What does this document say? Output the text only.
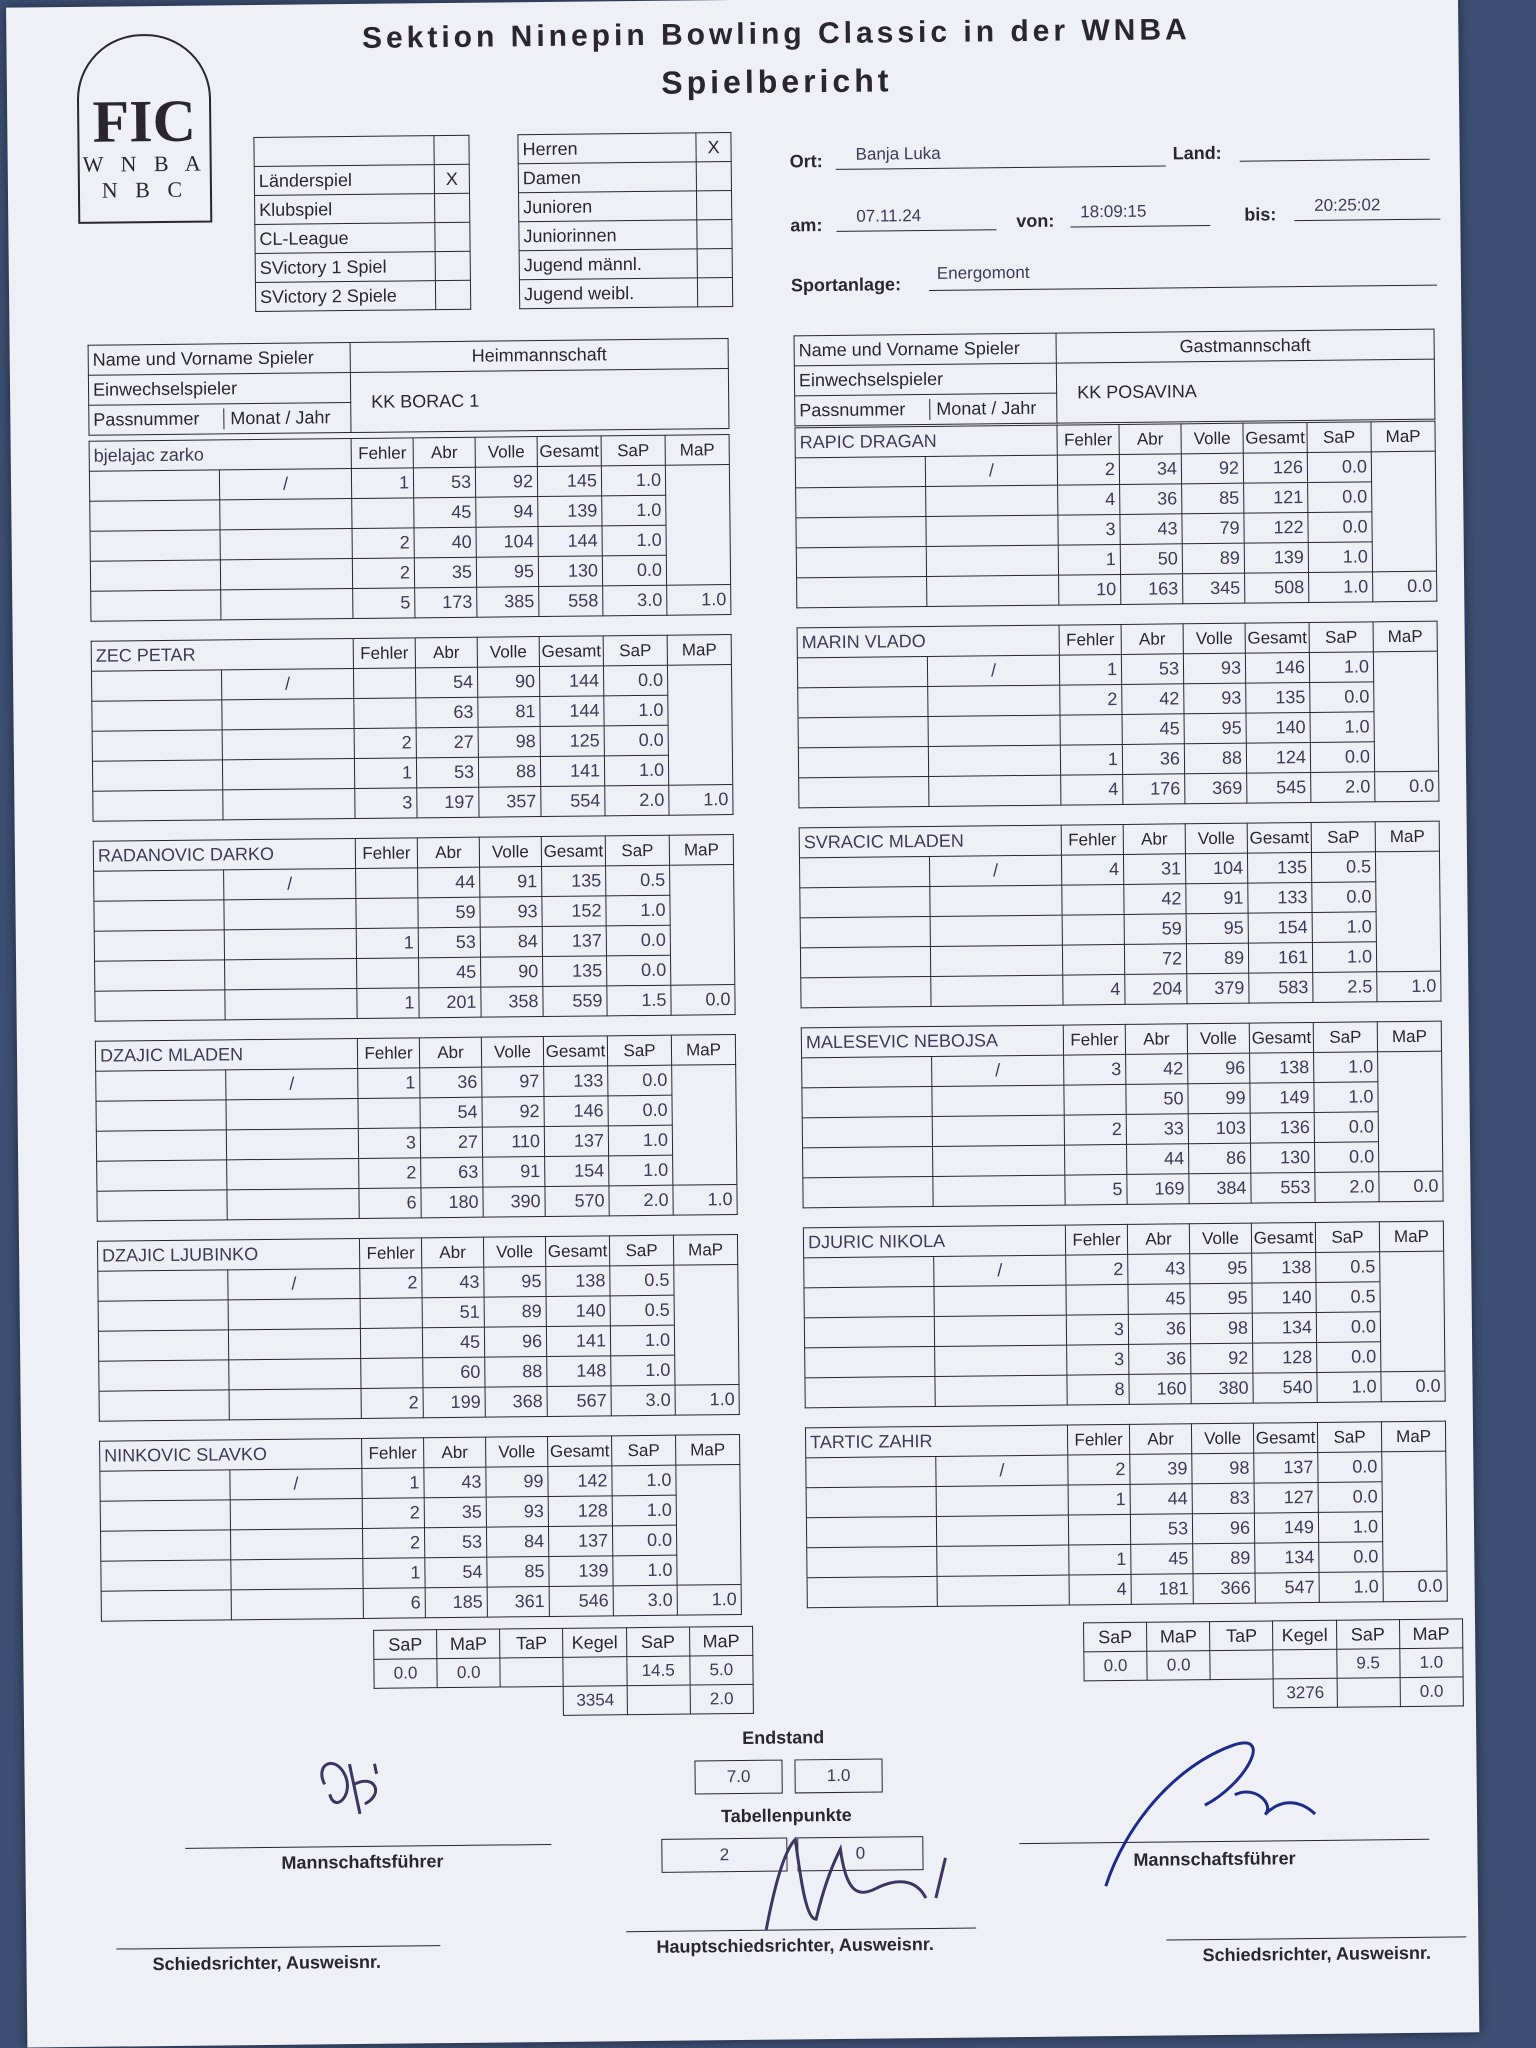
FIC
W N B A
N B C
Sektion Ninepin Bowling Classic in der WNBA
Spielbericht

Länderspiel	X
Klubspiel	
CL-League	
SVictory 1 Spiel	
SVictory 2 Spiele	
Herren	X
Damen	
Junioren	
Juniorinnen	
Jugend männl.	
Jugend weibl.	
Ort:	Banja Luka	Land:
am:	07.11.24	von:	18:09:15	bis:	20:25:02
Sportanlage:
Energomont
Name und Vorname Spieler	Heimmannschaft
Einwechselspieler	KK BORAC 1
Passnummer Monat / Jahr	
Name und Vorname Spieler	Gastmannschaft
Einwechselspieler	KK POSAVINA
Passnummer Monat / Jahr	
bjelajac zarko		Fehler	Abr	Volle	Gesamt	SaP	MaP
	/	1	53	92	145	1.0	
			45	94	139	1.0	
		2	40	104	144	1.0	
		2	35	95	130	0.0	
		5	173	385	558	3.0	1.0
ZEC PETAR		Fehler	Abr	Volle	Gesamt	SaP	MaP
	/		54	90	144	0.0	
			63	81	144	1.0	
		2	27	98	125	0.0	
		1	53	88	141	1.0	
		3	197	357	554	2.0	1.0
RADANOVIC DARKO		Fehler	Abr	Volle	Gesamt	SaP	MaP
	/		44	91	135	0.5	
			59	93	152	1.0	
		1	53	84	137	0.0	
			45	90	135	0.0	
		1	201	358	559	1.5	0.0
DZAJIC MLADEN		Fehler	Abr	Volle	Gesamt	SaP	MaP
	/	1	36	97	133	0.0	
			54	92	146	0.0	
		3	27	110	137	1.0	
		2	63	91	154	1.0	
		6	180	390	570	2.0	1.0
DZAJIC LJUBINKO		Fehler	Abr	Volle	Gesamt	SaP	MaP
	/	2	43	95	138	0.5	
			51	89	140	0.5	
			45	96	141	1.0	
			60	88	148	1.0	
		2	199	368	567	3.0	1.0
NINKOVIC SLAVKO		Fehler	Abr	Volle	Gesamt	SaP	MaP
	/	1	43	99	142	1.0	
		2	35	93	128	1.0	
		2	53	84	137	0.0	
		1	54	85	139	1.0	
		6	185	361	546	3.0	1.0
RAPIC DRAGAN		Fehler	Abr	Volle	Gesamt	SaP	MaP
	/	2	34	92	126	0.0	
		4	36	85	121	0.0	
		3	43	79	122	0.0	
		1	50	89	139	1.0	
		10	163	345	508	1.0	0.0
MARIN VLADO		Fehler	Abr	Volle	Gesamt	SaP	MaP
	/	1	53	93	146	1.0	
		2	42	93	135	0.0	
			45	95	140	1.0	
		1	36	88	124	0.0	
		4	176	369	545	2.0	0.0
SVRACIC MLADEN		Fehler	Abr	Volle	Gesamt	SaP	MaP
	/	4	31	104	135	0.5	
			42	91	133	0.0	
			59	95	154	1.0	
			72	89	161	1.0	
		4	204	379	583	2.5	1.0
MALESEVIC NEBOJSA		Fehler	Abr	Volle	Gesamt	SaP	MaP
	/	3	42	96	138	1.0	
			50	99	149	1.0	
		2	33	103	136	0.0	
			44	86	130	0.0	
		5	169	384	553	2.0	0.0
DJURIC NIKOLA		Fehler	Abr	Volle	Gesamt	SaP	MaP
	/	2	43	95	138	0.5	
			45	95	140	0.5	
		3	36	98	134	0.0	
		3	36	92	128	0.0	
		8	160	380	540	1.0	0.0
TARTIC ZAHIR		Fehler	Abr	Volle	Gesamt	SaP	MaP
	/	2	39	98	137	0.0	
		1	44	83	127	0.0	
			53	96	149	1.0	
		1	45	89	134	0.0	
		4	181	366	547	1.0	0.0
SaP	MaP	TaP	Kegel	SaP	MaP
0.0	0.0			14.5	5.0
			3354		2.0
SaP	MaP	TaP	Kegel	SaP	MaP
0.0	0.0			9.5	1.0
			3276		0.0
Endstand
7.0	1.0
Tabellenpunkte
2	0
Mannschaftsführer	Mannschaftsführer
Schiedsrichter, Ausweisnr.
Hauptschiedsrichter, Ausweisnr.	Schiedsrichter, Ausweisnr.
